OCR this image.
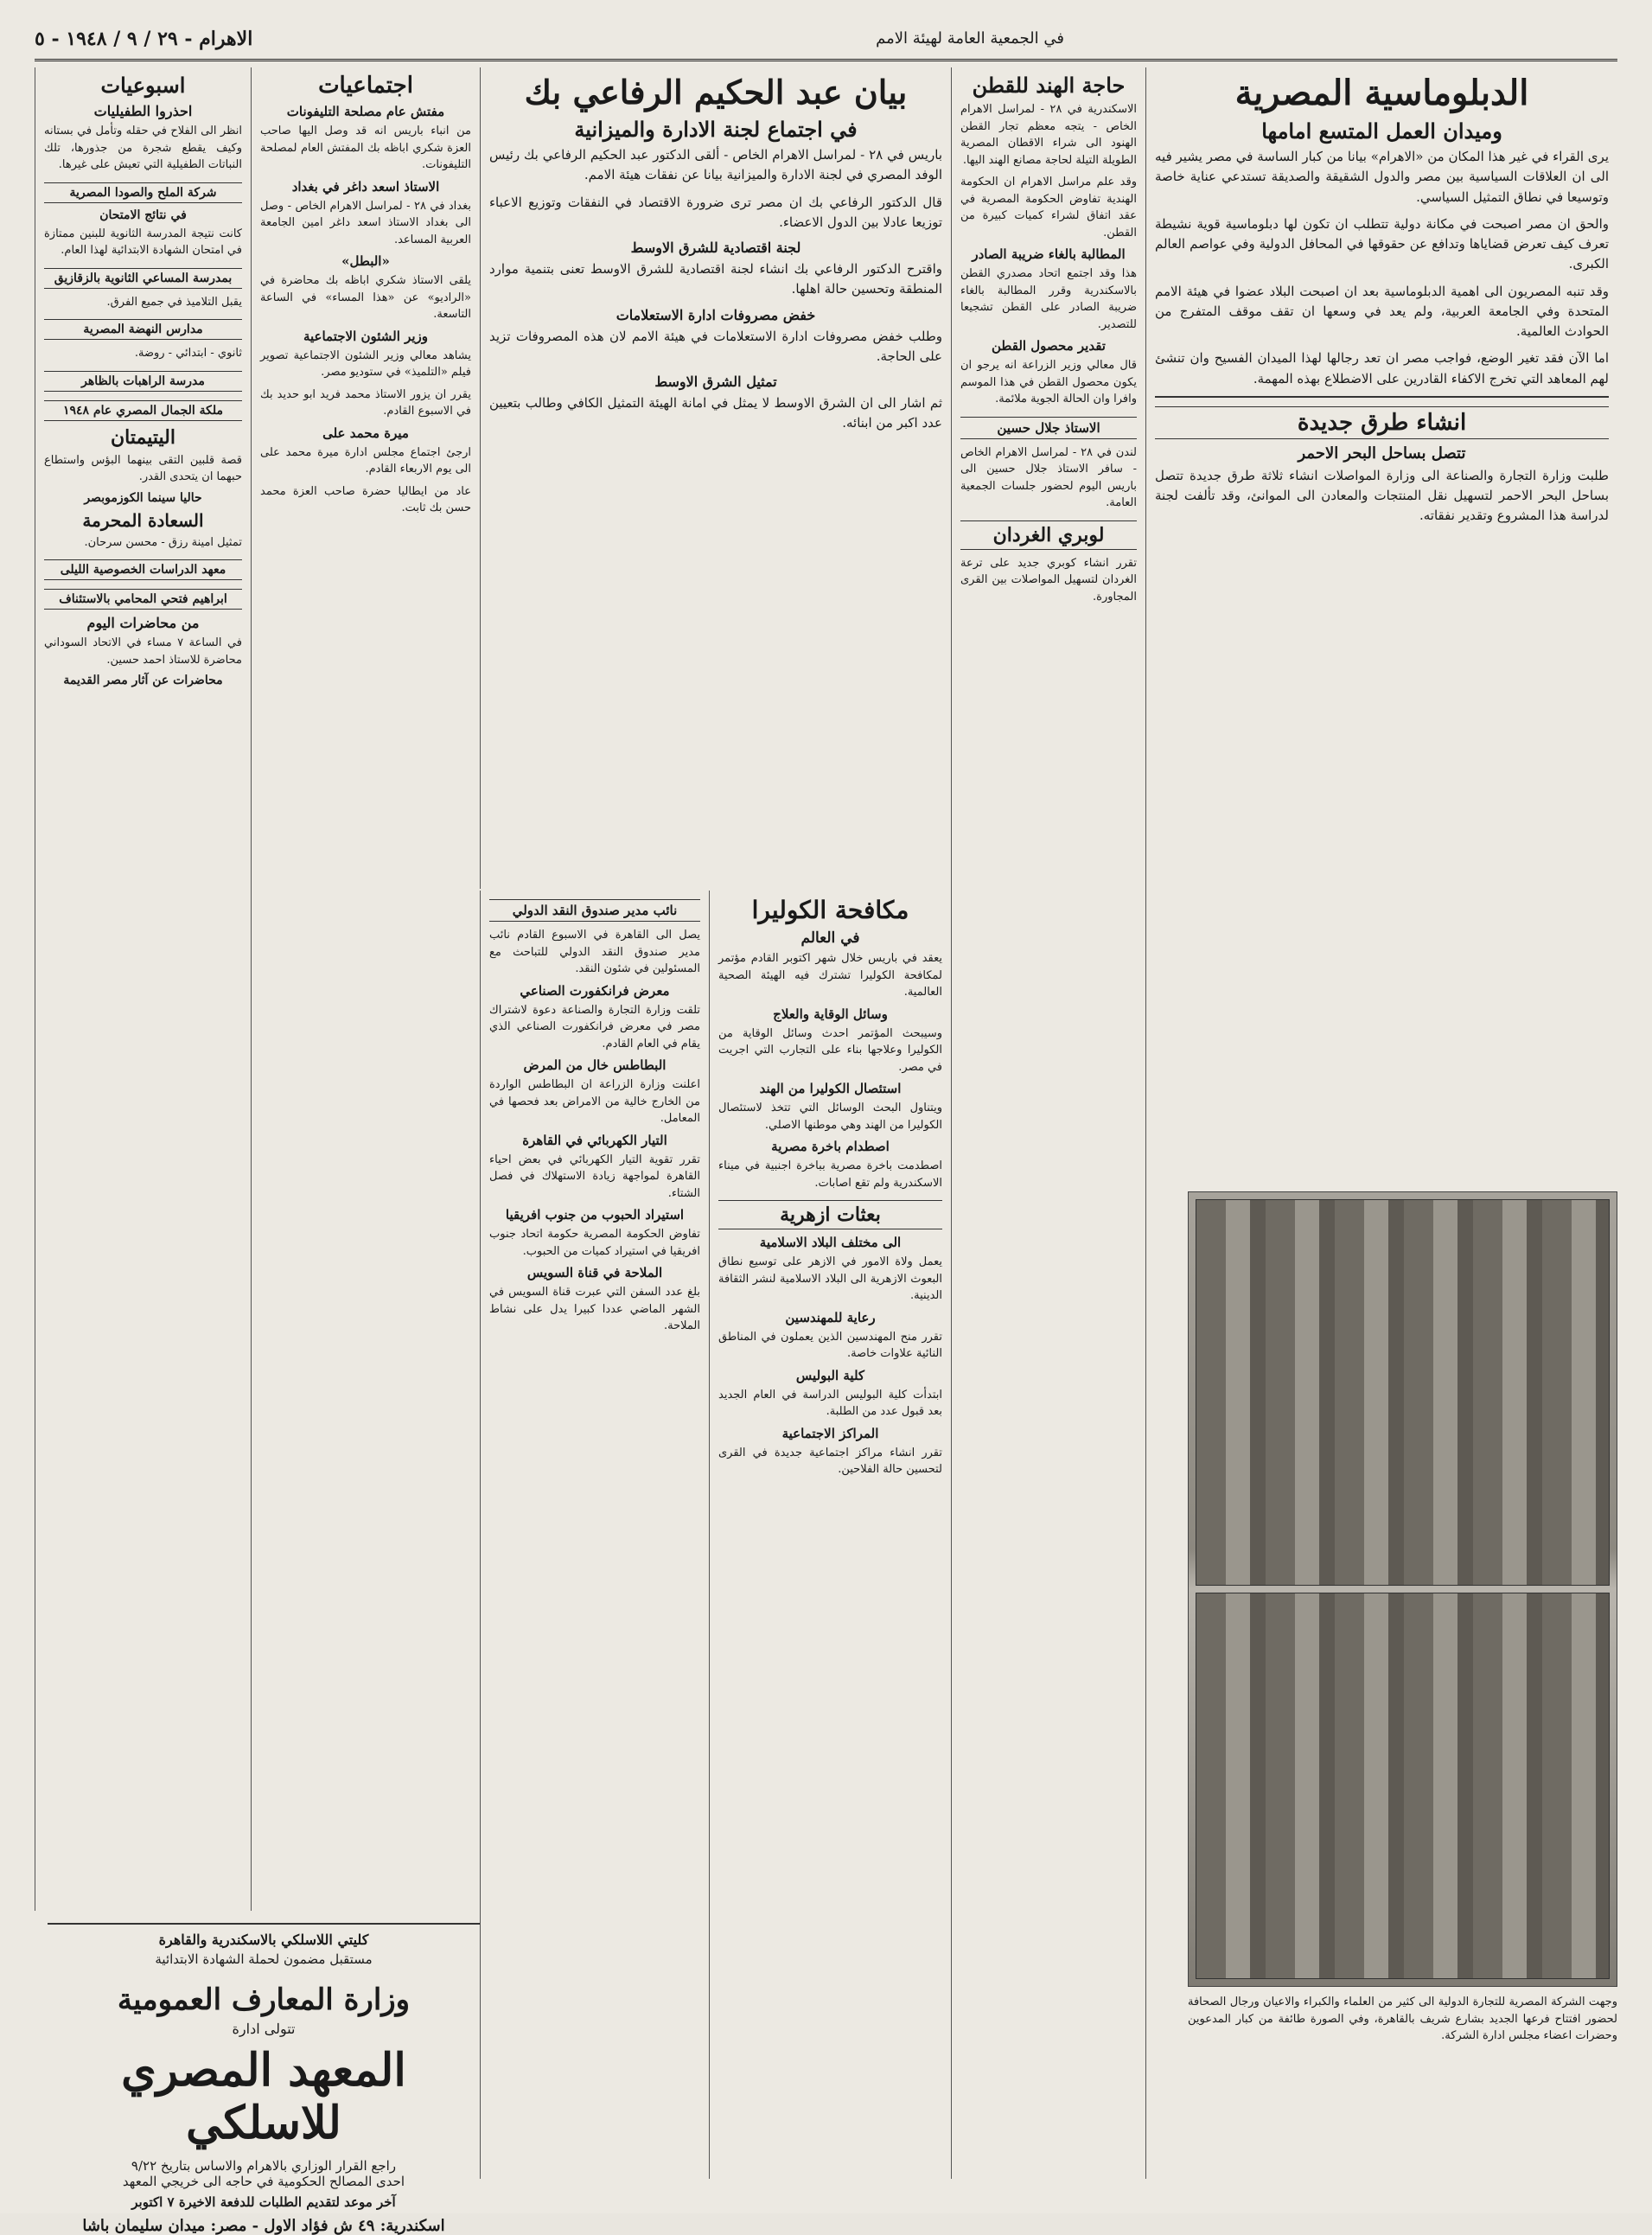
الاهرام - ٢٩ / ٩ / ١٩٤٨ - ٥	في الجمعية العامة لهيئة الامم
الدبلوماسية المصرية
وميدان العمل المتسع امامها

يرى القراء في غير هذا المكان من «الاهرام» بيانا من كبار الساسة في مصر يشير فيه الى ان العلاقات السياسية بين مصر والدول الشقيقة والصديقة تستدعي عناية خاصة وتوسيعا في نطاق التمثيل السياسي.

والحق ان مصر اصبحت في مكانة دولية تتطلب ان تكون لها دبلوماسية قوية نشيطة تعرف كيف تعرض قضاياها وتدافع عن حقوقها في المحافل الدولية وفي عواصم العالم الكبرى.

وقد تنبه المصريون الى اهمية الدبلوماسية بعد ان اصبحت البلاد عضوا في هيئة الامم المتحدة وفي الجامعة العربية، ولم يعد في وسعها ان تقف موقف المتفرج من الحوادث العالمية.

اما الآن فقد تغير الوضع، فواجب مصر ان تعد رجالها لهذا الميدان الفسيح وان تنشئ لهم المعاهد التي تخرج الاكفاء القادرين على الاضطلاع بهذه المهمة.

انشاء طرق جديدة
تتصل بساحل البحر الاحمر

طلبت وزارة التجارة والصناعة الى وزارة المواصلات انشاء ثلاثة طرق جديدة تتصل بساحل البحر الاحمر لتسهيل نقل المنتجات والمعادن الى الموانئ، وقد تألفت لجنة لدراسة هذا المشروع وتقدير نفقاته.

حاجة الهند للقطن

الاسكندرية في ٢٨ - لمراسل الاهرام الخاص - يتجه معظم تجار القطن الهنود الى شراء الاقطان المصرية الطويلة التيلة لحاجة مصانع الهند اليها.

وقد علم مراسل الاهرام ان الحكومة الهندية تفاوض الحكومة المصرية في عقد اتفاق لشراء كميات كبيرة من القطن.

المطالبة بالغاء ضريبة الصادر

هذا وقد اجتمع اتحاد مصدري القطن بالاسكندرية وقرر المطالبة بالغاء ضريبة الصادر على القطن تشجيعا للتصدير.

تقدير محصول القطن

قال معالي وزير الزراعة انه يرجو ان يكون محصول القطن في هذا الموسم وافرا وان الحالة الجوية ملائمة.

الاستاذ جلال حسين

لندن في ٢٨ - لمراسل الاهرام الخاص - سافر الاستاذ جلال حسين الى باريس اليوم لحضور جلسات الجمعية العامة.

لوبري الغردان

تقرر انشاء كوبري جديد على ترعة الغردان لتسهيل المواصلات بين القرى المجاورة.

مكافحة الكوليرا
في العالم

يعقد في باريس خلال شهر اكتوبر القادم مؤتمر لمكافحة الكوليرا تشترك فيه الهيئة الصحية العالمية.

وسائل الوقاية والعلاج

وسيبحث المؤتمر احدث وسائل الوقاية من الكوليرا وعلاجها بناء على التجارب التي اجريت في مصر.

استئصال الكوليرا من الهند

ويتناول البحث الوسائل التي تتخذ لاستئصال الكوليرا من الهند وهي موطنها الاصلي.

اصطدام باخرة مصرية

اصطدمت باخرة مصرية بباخرة اجنبية في ميناء الاسكندرية ولم تقع اصابات.

بعثات ازهرية
الى مختلف البلاد الاسلامية

يعمل ولاة الامور في الازهر على توسيع نطاق البعوث الازهرية الى البلاد الاسلامية لنشر الثقافة الدينية.

رعاية للمهندسين

تقرر منح المهندسين الذين يعملون في المناطق النائية علاوات خاصة.

كلية البوليس

ابتدأت كلية البوليس الدراسة في العام الجديد بعد قبول عدد من الطلبة.

المراكز الاجتماعية

تقرر انشاء مراكز اجتماعية جديدة في القرى لتحسين حالة الفلاحين.

بيان عبد الحكيم الرفاعي بك
في اجتماع لجنة الادارة والميزانية

باريس في ٢٨ - لمراسل الاهرام الخاص - ألقى الدكتور عبد الحكيم الرفاعي بك رئيس الوفد المصري في لجنة الادارة والميزانية بيانا عن نفقات هيئة الامم.

قال الدكتور الرفاعي بك ان مصر ترى ضرورة الاقتصاد في النفقات وتوزيع الاعباء توزيعا عادلا بين الدول الاعضاء.

لجنة اقتصادية للشرق الاوسط

واقترح الدكتور الرفاعي بك انشاء لجنة اقتصادية للشرق الاوسط تعنى بتنمية موارد المنطقة وتحسين حالة اهلها.

خفض مصروفات ادارة الاستعلامات

وطلب خفض مصروفات ادارة الاستعلامات في هيئة الامم لان هذه المصروفات تزيد على الحاجة.

تمثيل الشرق الاوسط

ثم اشار الى ان الشرق الاوسط لا يمثل في امانة الهيئة التمثيل الكافي وطالب بتعيين عدد اكبر من ابنائه.

نائب مدير صندوق النقد الدولي

يصل الى القاهرة في الاسبوع القادم نائب مدير صندوق النقد الدولي للتباحث مع المسئولين في شئون النقد.

معرض فرانكفورت الصناعي

تلقت وزارة التجارة والصناعة دعوة لاشتراك مصر في معرض فرانكفورت الصناعي الذي يقام في العام القادم.

البطاطس خال من المرض

اعلنت وزارة الزراعة ان البطاطس الواردة من الخارج خالية من الامراض بعد فحصها في المعامل.

التيار الكهربائي في القاهرة

تقرر تقوية التيار الكهربائي في بعض احياء القاهرة لمواجهة زيادة الاستهلاك في فصل الشتاء.

استيراد الحبوب من جنوب افريقيا

تفاوض الحكومة المصرية حكومة اتحاد جنوب افريقيا في استيراد كميات من الحبوب.

الملاحة في قناة السويس

بلغ عدد السفن التي عبرت قناة السويس في الشهر الماضي عددا كبيرا يدل على نشاط الملاحة.

اجتماعيات
مفتش عام مصلحة التليفونات

من انباء باريس انه قد وصل اليها صاحب العزة شكري اباظه بك المفتش العام لمصلحة التليفونات.

الاستاذ اسعد داغر في بغداد

بغداد في ٢٨ - لمراسل الاهرام الخاص - وصل الى بغداد الاستاذ اسعد داغر امين الجامعة العربية المساعد.

«البطل»

يلقى الاستاذ شكري اباظه بك محاضرة في «الراديو» عن «هذا المساء» في الساعة التاسعة.

وزير الشئون الاجتماعية

يشاهد معالي وزير الشئون الاجتماعية تصوير فيلم «التلميذ» في ستوديو مصر.

يقرر ان يزور الاستاذ محمد فريد ابو حديد بك في الاسبوع القادم.

ميرة محمد على

ارجئ اجتماع مجلس ادارة ميرة محمد على الى يوم الاربعاء القادم.

عاد من ايطاليا حضرة صاحب العزة محمد حسن بك ثابت.

اسبوعيات
احذروا الطفيليات

انظر الى الفلاح في حقله وتأمل في بستانه وكيف يقطع شجرة من جذورها، تلك النباتات الطفيلية التي تعيش على غيرها.

شركة الملح والصودا المصرية
في نتائج الامتحان

كانت نتيجة المدرسة الثانوية للبنين ممتازة في امتحان الشهادة الابتدائية لهذا العام.

بمدرسة المساعي الثانوية بالزقازيق

يقبل التلاميذ في جميع الفرق.

مدارس النهضة المصرية

ثانوي - ابتدائي - روضة.

مدرسة الراهبات بالظاهر
ملكة الجمال المصري عام ١٩٤٨
اليتيمتان

قصة قلبين التقى بينهما البؤس واستطاع حبهما ان يتحدى القدر.

حاليا سينما الكوزموبصر
السعادة المحرمة

تمثيل امينة رزق - محسن سرحان.

معهد الدراسات الخصوصية الليلى
ابراهيم فتحي المحامي بالاستئناف
من محاضرات اليوم

في الساعة ٧ مساء في الاتحاد السوداني محاضرة للاستاذ احمد حسين.

محاضرات عن آثار مصر القديمة
كليتي اللاسلكي بالاسكندرية والقاهرة
مستقبل مضمون لحملة الشهادة الابتدائية
وزارة المعارف العمومية
تتولى ادارة
المعهد المصري للاسلكي
راجع القرار الوزاري بالاهرام والاساس بتاريخ ٩/٢٢
احدى المصالح الحكومية في حاجه الى خريجي المعهد
آخر موعد لتقديم الطلبات للدفعة الاخيرة ٧ اكتوبر
اسكندرية: ٤٩ ش فؤاد الاول - مصر: ميدان سليمان باشا
وجهت الشركة المصرية للتجارة الدولية الى كثير من العلماء والكبراء والاعيان ورجال الصحافة لحضور افتتاح فرعها الجديد بشارع شريف بالقاهرة، وفي الصورة طائفة من كبار المدعوين وحضرات اعضاء مجلس ادارة الشركة.
